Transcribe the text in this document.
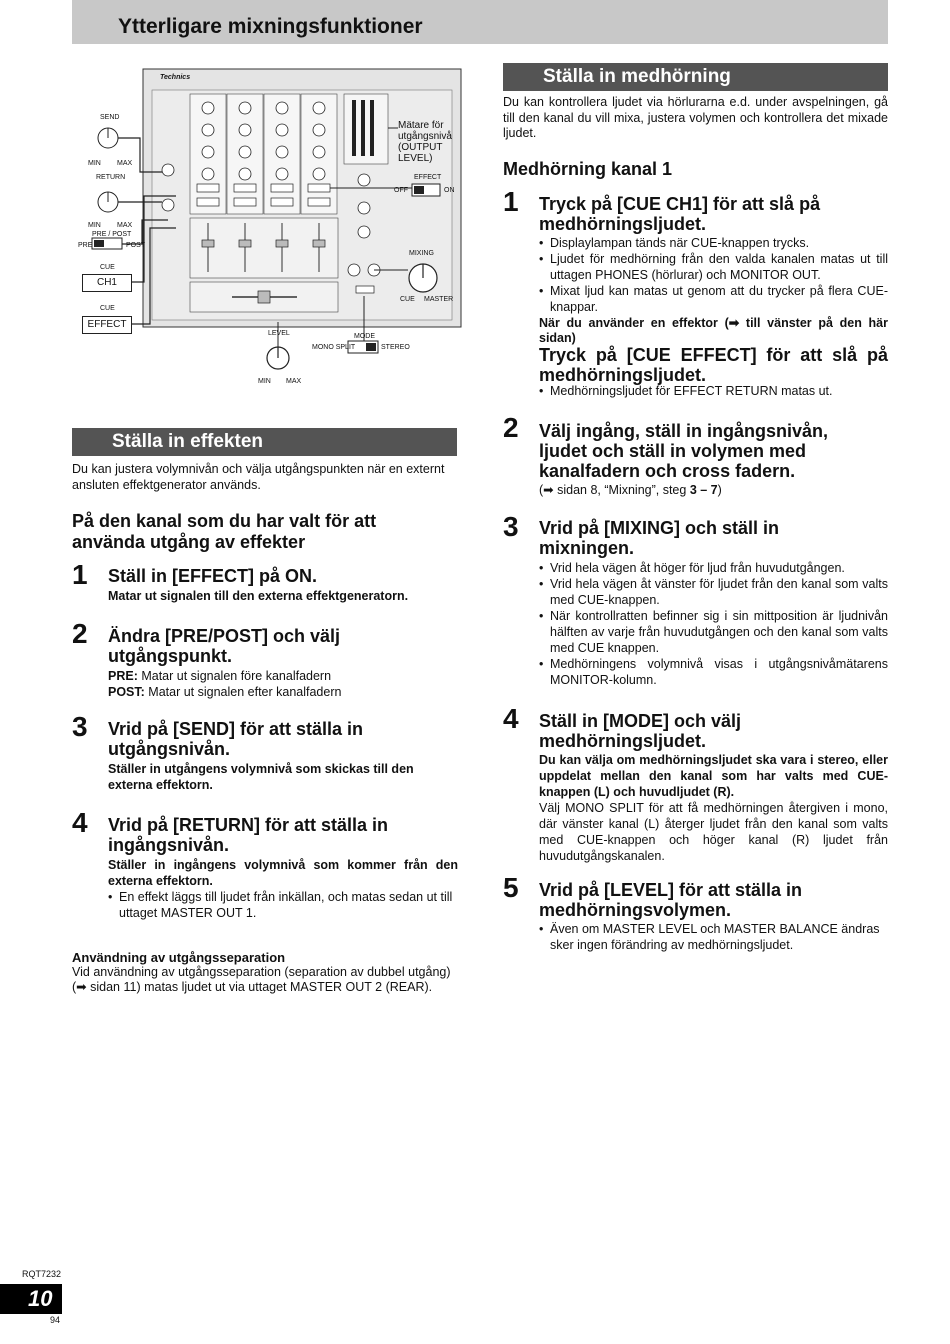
Ytterligare mixningsfunktioner
Technics
SEND
MIN MAX
RETURN
MIN MAX
PRE / POST
PRE	POST
CUE
CH1
CUE
EFFECT
Mätare för utgångsnivå (OUTPUT LEVEL)
EFFECT
OFF	ON
MIXING
CUE MASTER
LEVEL	MODE
MONO SPLIT	STEREO
MIN MAX
Ställa in effekten
Du kan justera volymnivån och välja utgångspunkten när en externt ansluten effektgenerator används.
På den kanal som du har valt för att använda utgång av effekter
1 Ställ in [EFFECT] på ON.
Matar ut signalen till den externa effektgeneratorn.
2 Ändra [PRE/POST] och välj utgångspunkt.
PRE: Matar ut signalen före kanalfadern
POST: Matar ut signalen efter kanalfadern
3 Vrid på [SEND] för att ställa in utgångsnivån.
Ställer in utgångens volymnivå som skickas till den externa effektorn.
4 Vrid på [RETURN] för att ställa in ingångsnivån.
Ställer in ingångens volymnivå som kommer från den externa effektorn.
• En effekt läggs till ljudet från inkällan, och matas sedan ut till uttaget MASTER OUT 1.
Användning av utgångsseparation
Vid användning av utgångsseparation (separation av dubbel utgång)
(➡ sidan 11) matas ljudet ut via uttaget MASTER OUT 2 (REAR).
Ställa in medhörning
Du kan kontrollera ljudet via hörlurarna e.d. under avspelningen, gå till den kanal du vill mixa, justera volymen och kontrollera det mixade ljudet.
Medhörning kanal 1
1 Tryck på [CUE CH1] för att slå på medhörningsljudet.
• Displaylampan tänds när CUE-knappen trycks.
• Ljudet för medhörning från den valda kanalen matas ut till uttagen PHONES (hörlurar) och MONITOR OUT.
• Mixat ljud kan matas ut genom att du trycker på flera CUE-knappar.
När du använder en effektor (➡ till vänster på den här sidan)
Tryck på [CUE EFFECT] för att slå på medhörningsljudet.
• Medhörningsljudet för EFFECT RETURN matas ut.
2 Välj ingång, ställ in ingångsnivån, ljudet och ställ in volymen med kanalfadern och cross fadern.
(➡ sidan 8, “Mixning”, steg 3 – 7)
3 Vrid på [MIXING] och ställ in mixningen.
• Vrid hela vägen åt höger för ljud från huvudutgången.
• Vrid hela vägen åt vänster för ljudet från den kanal som valts med CUE-knappen.
• När kontrollratten befinner sig i sin mittposition är ljudnivån hälften av varje från huvudutgången och den kanal som valts med CUE knappen.
• Medhörningens volymnivå visas i utgångsnivåmätarens MONITOR-kolumn.
4 Ställ in [MODE] och välj medhörningsljudet.
Du kan välja om medhörningsljudet ska vara i stereo, eller uppdelat mellan den kanal som har valts med CUE-knappen (L) och huvudljudet (R).
Välj MONO SPLIT för att få medhörningen återgiven i mono, där vänster kanal (L) återger ljudet från den kanal som valts med CUE-knappen och höger kanal (R) ljudet från huvudutgångskanalen.
5 Vrid på [LEVEL] för att ställa in medhörningsvolymen.
• Även om MASTER LEVEL och MASTER BALANCE ändras sker ingen förändring av medhörningsljudet.
RQT7232
10
94
